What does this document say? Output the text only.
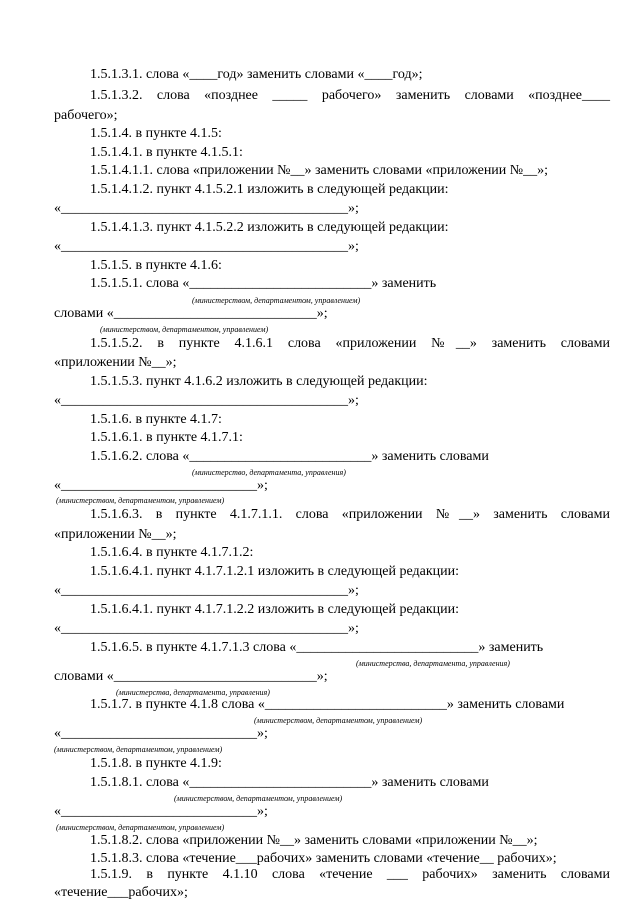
1.5.1.3.1. слова «____год» заменить словами «____год»;
1.5.1.3.2. слова «позднее _____ рабочего» заменить словами «позднее____
рабочего»;
1.5.1.4. в пункте 4.1.5:
1.5.1.4.1. в пункте 4.1.5.1:
1.5.1.4.1.1. слова «приложении №__» заменить словами «приложении №__»;
1.5.1.4.1.2. пункт 4.1.5.2.1 изложить в следующей редакции:
«_________________________________________»;
1.5.1.4.1.3. пункт 4.1.5.2.2 изложить в следующей редакции:
«_________________________________________»;
1.5.1.5. в пункте 4.1.6:
1.5.1.5.1. слова «__________________________» заменить
(министерством, департаментом, управлением)
словами «_____________________________»;
(министерством, департаментом, управлением)
1.5.1.5.2. в пункте 4.1.6.1 слова «приложении №__» заменить словами
«приложении №__»;
1.5.1.5.3. пункт 4.1.6.2 изложить в следующей редакции:
«_________________________________________»;
1.5.1.6. в пункте 4.1.7:
1.5.1.6.1. в пункте 4.1.7.1:
1.5.1.6.2. слова «__________________________» заменить словами
(министерство, департамента, управления)
«____________________________»;
(министерством, департаментом, управлением)
1.5.1.6.3. в пункте 4.1.7.1.1. слова «приложении №__» заменить словами
«приложении №__»;
1.5.1.6.4. в пункте 4.1.7.1.2:
1.5.1.6.4.1. пункт 4.1.7.1.2.1 изложить в следующей редакции:
«_________________________________________»;
1.5.1.6.4.1. пункт 4.1.7.1.2.2 изложить в следующей редакции:
«_________________________________________»;
1.5.1.6.5. в пункте 4.1.7.1.3 слова «__________________________» заменить
(министерства, департамента, управления)
словами «_____________________________»;
(министерства, департамента, управления)
1.5.1.7. в пункте 4.1.8 слова «__________________________» заменить словами
(министерством, департаментом, управлением)
«____________________________»;
(министерством, департаментом, управлением)
1.5.1.8. в пункте 4.1.9:
1.5.1.8.1. слова «__________________________» заменить словами
(министерством, департаментом, управлением)
«____________________________»;
(министерством, департаментом, управлением)
1.5.1.8.2. слова «приложении №__» заменить словами «приложении №__»;
1.5.1.8.3. слова «течение___рабочих» заменить словами «течение__ рабочих»;
1.5.1.9. в пункте 4.1.10 слова «течение ___ рабочих» заменить словами
«течение___рабочих»;
